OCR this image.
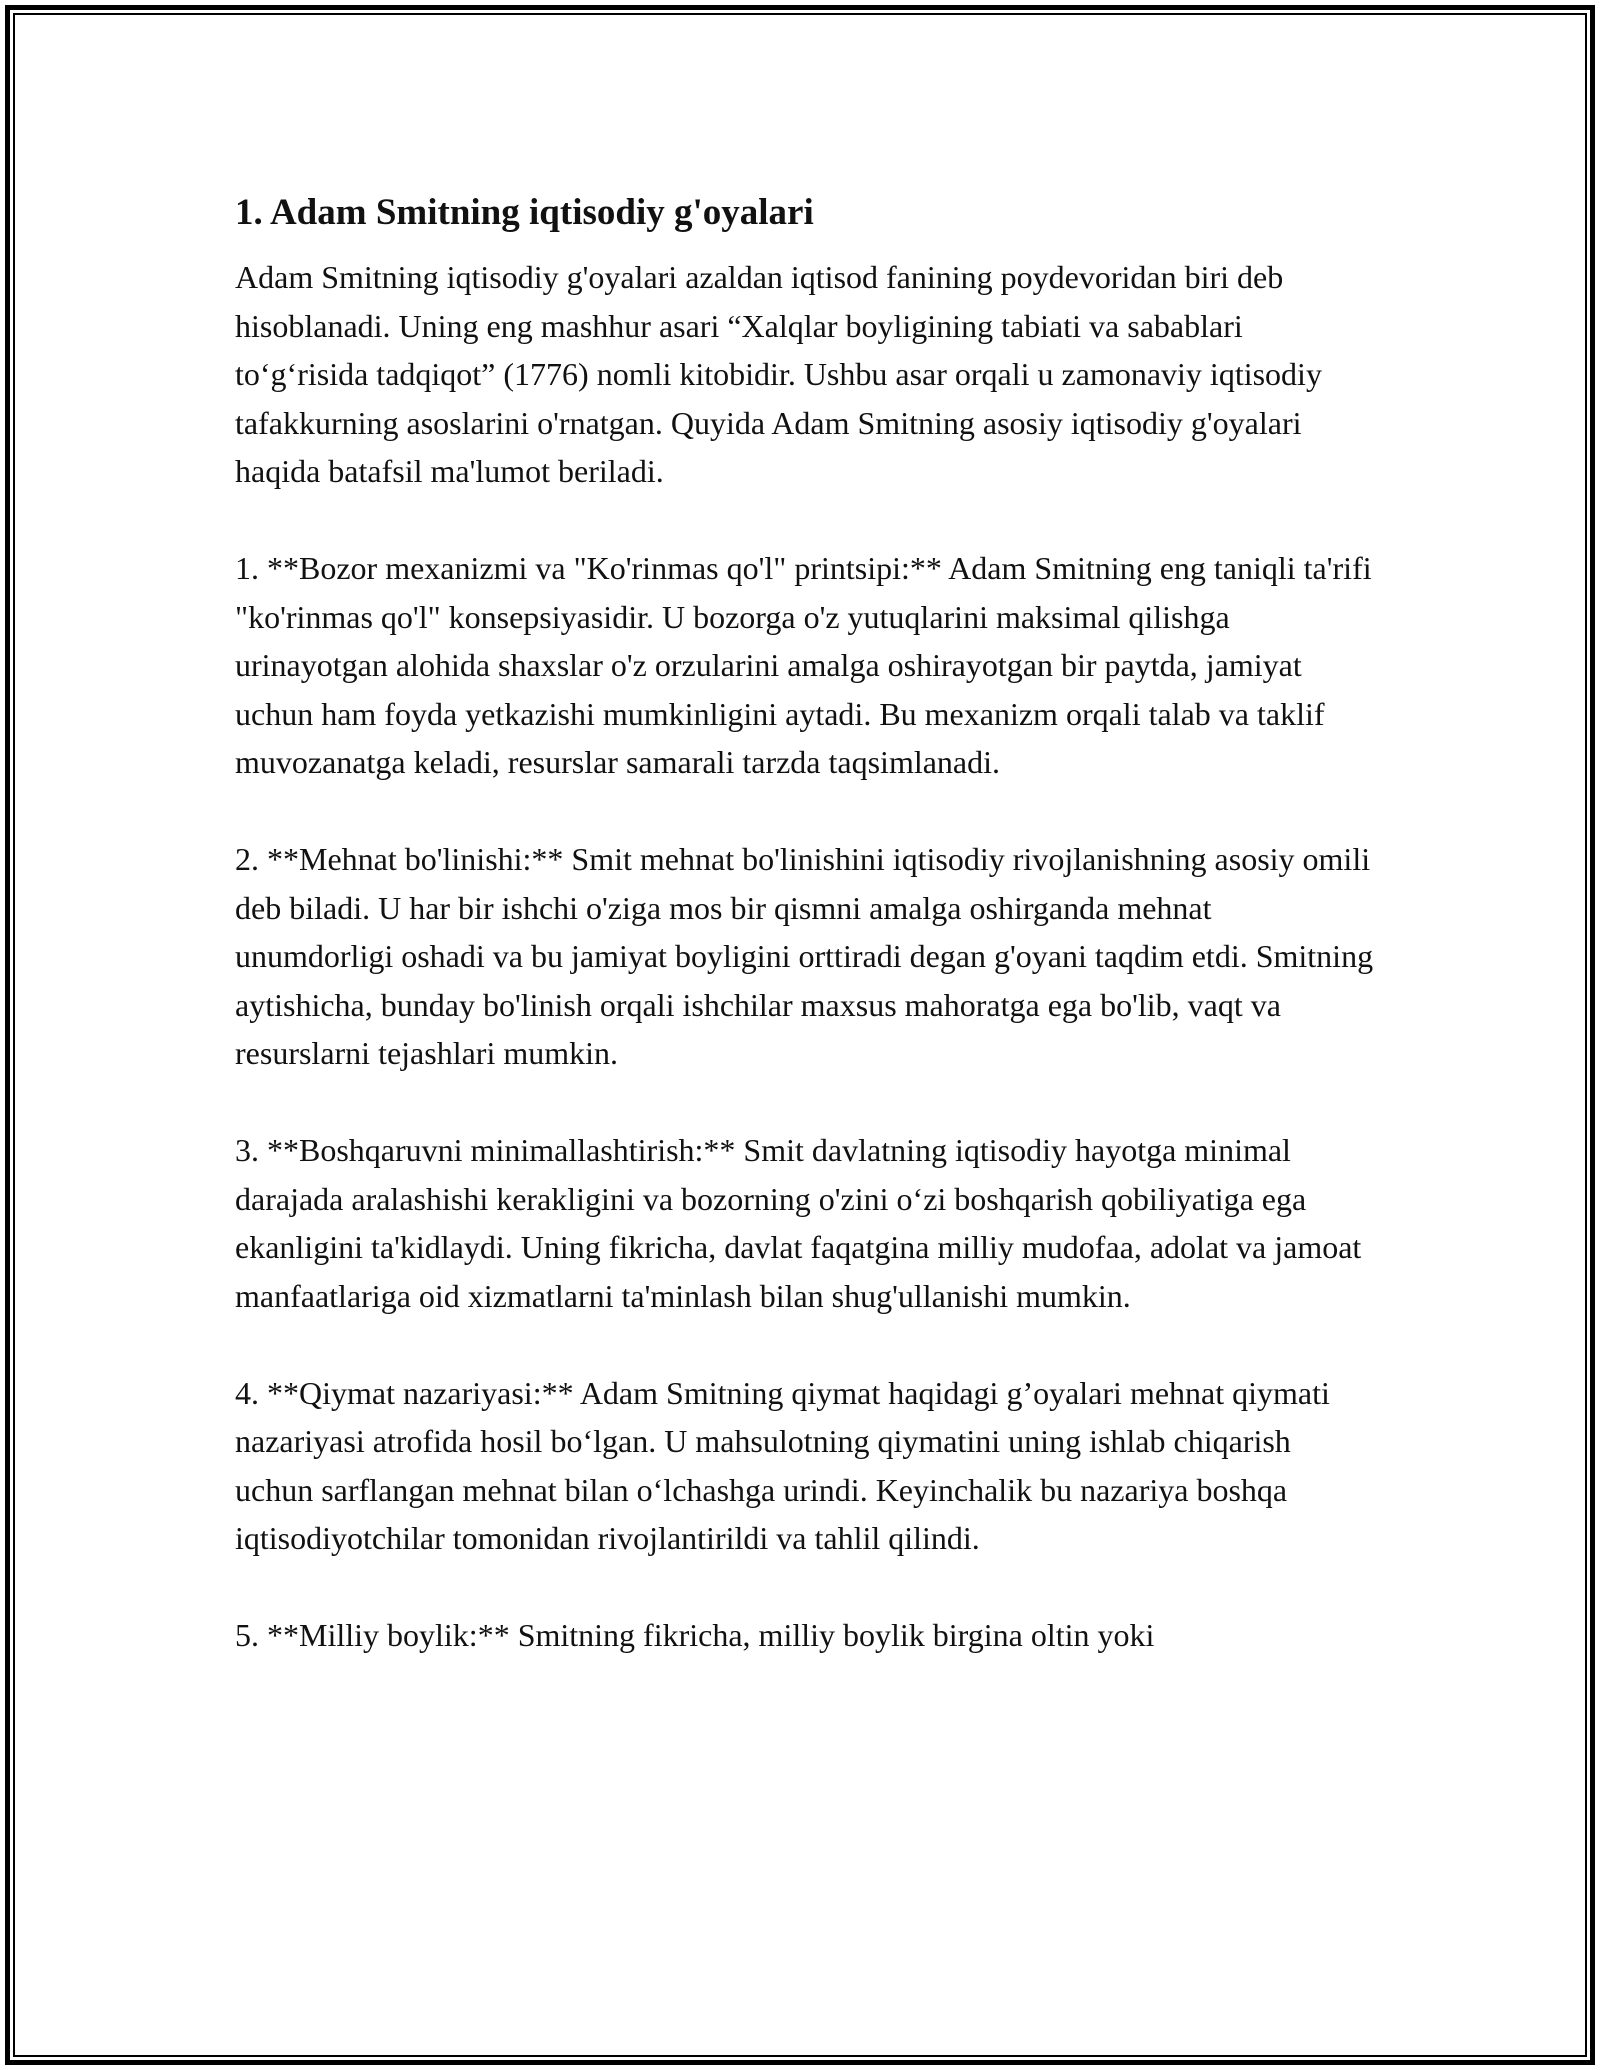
1. Adam Smitning iqtisodiy g'oyalari

Adam Smitning iqtisodiy g'oyalari azaldan iqtisod fanining poydevoridan biri deb hisoblanadi. Uning eng mashhur asari “Xalqlar boyligining tabiati va sabablari to‘g‘risida tadqiqot” (1776) nomli kitobidir. Ushbu asar orqali u zamonaviy iqtisodiy tafakkurning asoslarini o'rnatgan. Quyida Adam Smitning asosiy iqtisodiy g'oyalari haqida batafsil ma'lumot beriladi.

1. **Bozor mexanizmi va "Ko'rinmas qo'l" printsipi:** Adam Smitning eng taniqli ta'rifi "ko'rinmas qo'l" konsepsiyasidir. U bozorga o'z yutuqlarini maksimal qilishga urinayotgan alohida shaxslar o'z orzularini amalga oshirayotgan bir paytda, jamiyat uchun ham foyda yetkazishi mumkinligini aytadi. Bu mexanizm orqali talab va taklif muvozanatga keladi, resurslar samarali tarzda taqsimlanadi.

2. **Mehnat bo'linishi:** Smit mehnat bo'linishini iqtisodiy rivojlanishning asosiy omili deb biladi. U har bir ishchi o'ziga mos bir qismni amalga oshirganda mehnat unumdorligi oshadi va bu jamiyat boyligini orttiradi degan g'oyani taqdim etdi. Smitning aytishicha, bunday bo'linish orqali ishchilar maxsus mahoratga ega bo'lib, vaqt va resurslarni tejashlari mumkin.

3. **Boshqaruvni minimallashtirish:** Smit davlatning iqtisodiy hayotga minimal darajada aralashishi kerakligini va bozorning o'zini o‘zi boshqarish qobiliyatiga ega ekanligini ta'kidlaydi. Uning fikricha, davlat faqatgina milliy mudofaa, adolat va jamoat manfaatlariga oid xizmatlarni ta'minlash bilan shug'ullanishi mumkin.

4. **Qiymat nazariyasi:** Adam Smitning qiymat haqidagi g’oyalari mehnat qiymati nazariyasi atrofida hosil bo‘lgan. U mahsulotning qiymatini uning ishlab chiqarish uchun sarflangan mehnat bilan o‘lchashga urindi. Keyinchalik bu nazariya boshqa iqtisodiyotchilar tomonidan rivojlantirildi va tahlil qilindi.

5. **Milliy boylik:** Smitning fikricha, milliy boylik birgina oltin yoki
